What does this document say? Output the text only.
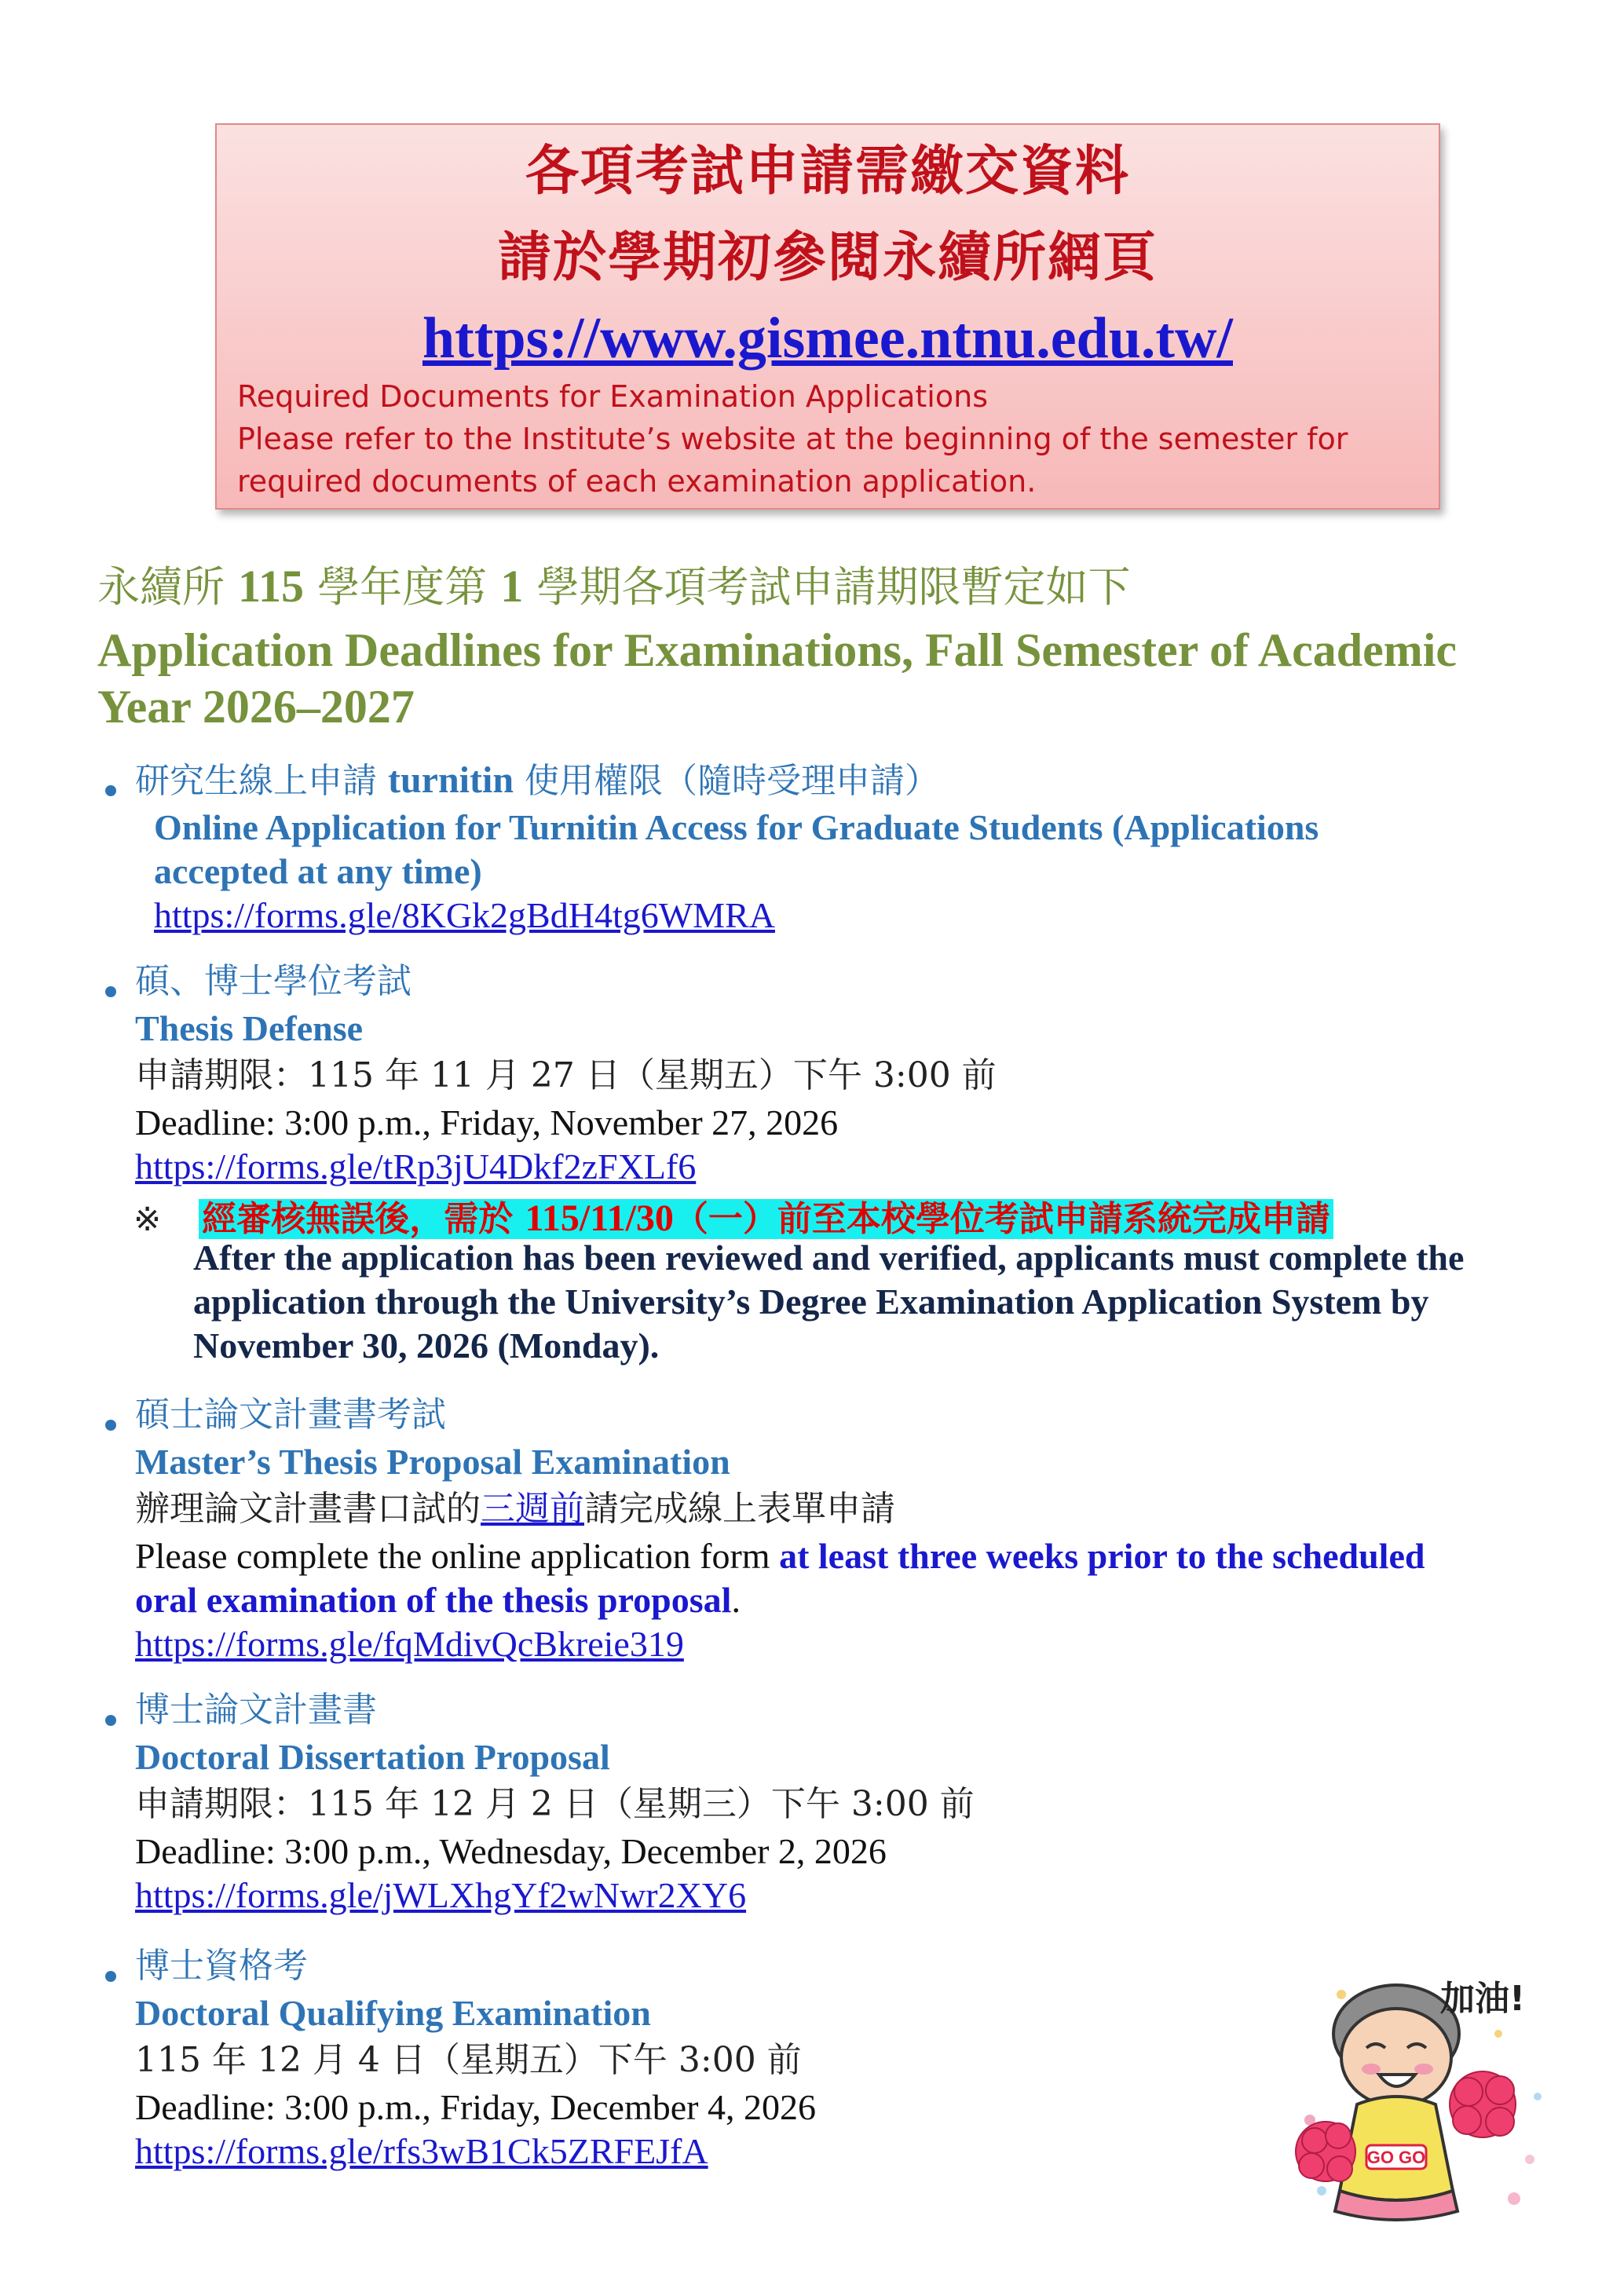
各項考試申請需繳交資料
請於學期初參閱永續所網頁
https://www.gismee.ntnu.edu.tw/
Required Documents for Examination Applications
Please refer to the Institute’s website at the beginning of the semester for
required documents of each examination application.
永續所 115 學年度第 1 學期各項考試申請期限暫定如下
Application Deadlines for Examinations, Fall Semester of Academic
Year 2026–2027
研究生線上申請 turnitin 使用權限（隨時受理申請）
Online Application for Turnitin Access for Graduate Students (Applications
accepted at any time)
https://forms.gle/8KGk2gBdH4tg6WMRA
碩、博士學位考試
Thesis Defense
申請期限：115 年 11 月 27 日（星期五）下午 3:00 前
Deadline: 3:00 p.m., Friday, November 27, 2026
https://forms.gle/tRp3jU4Dkf2zFXLf6
※ 經審核無誤後，需於 115/11/30（一）前至本校學位考試申請系統完成申請
After the application has been reviewed and verified, applicants must complete the
application through the University’s Degree Examination Application System by
November 30, 2026 (Monday).
碩士論文計畫書考試
Master’s Thesis Proposal Examination
辦理論文計畫書口試的三週前請完成線上表單申請
Please complete the online application form at least three weeks prior to the scheduled
oral examination of the thesis proposal.
https://forms.gle/fqMdivQcBkreie319
博士論文計畫書
Doctoral Dissertation Proposal
申請期限：115 年 12 月 2 日（星期三）下午 3:00 前
Deadline: 3:00 p.m., Wednesday, December 2, 2026
https://forms.gle/jWLXhgYf2wNwr2XY6
博士資格考
Doctoral Qualifying Examination
115 年 12 月 4 日（星期五）下午 3:00 前
Deadline: 3:00 p.m., Friday, December 4, 2026
https://forms.gle/rfs3wB1Ck5ZRFEJfA	GO GO
加油!
